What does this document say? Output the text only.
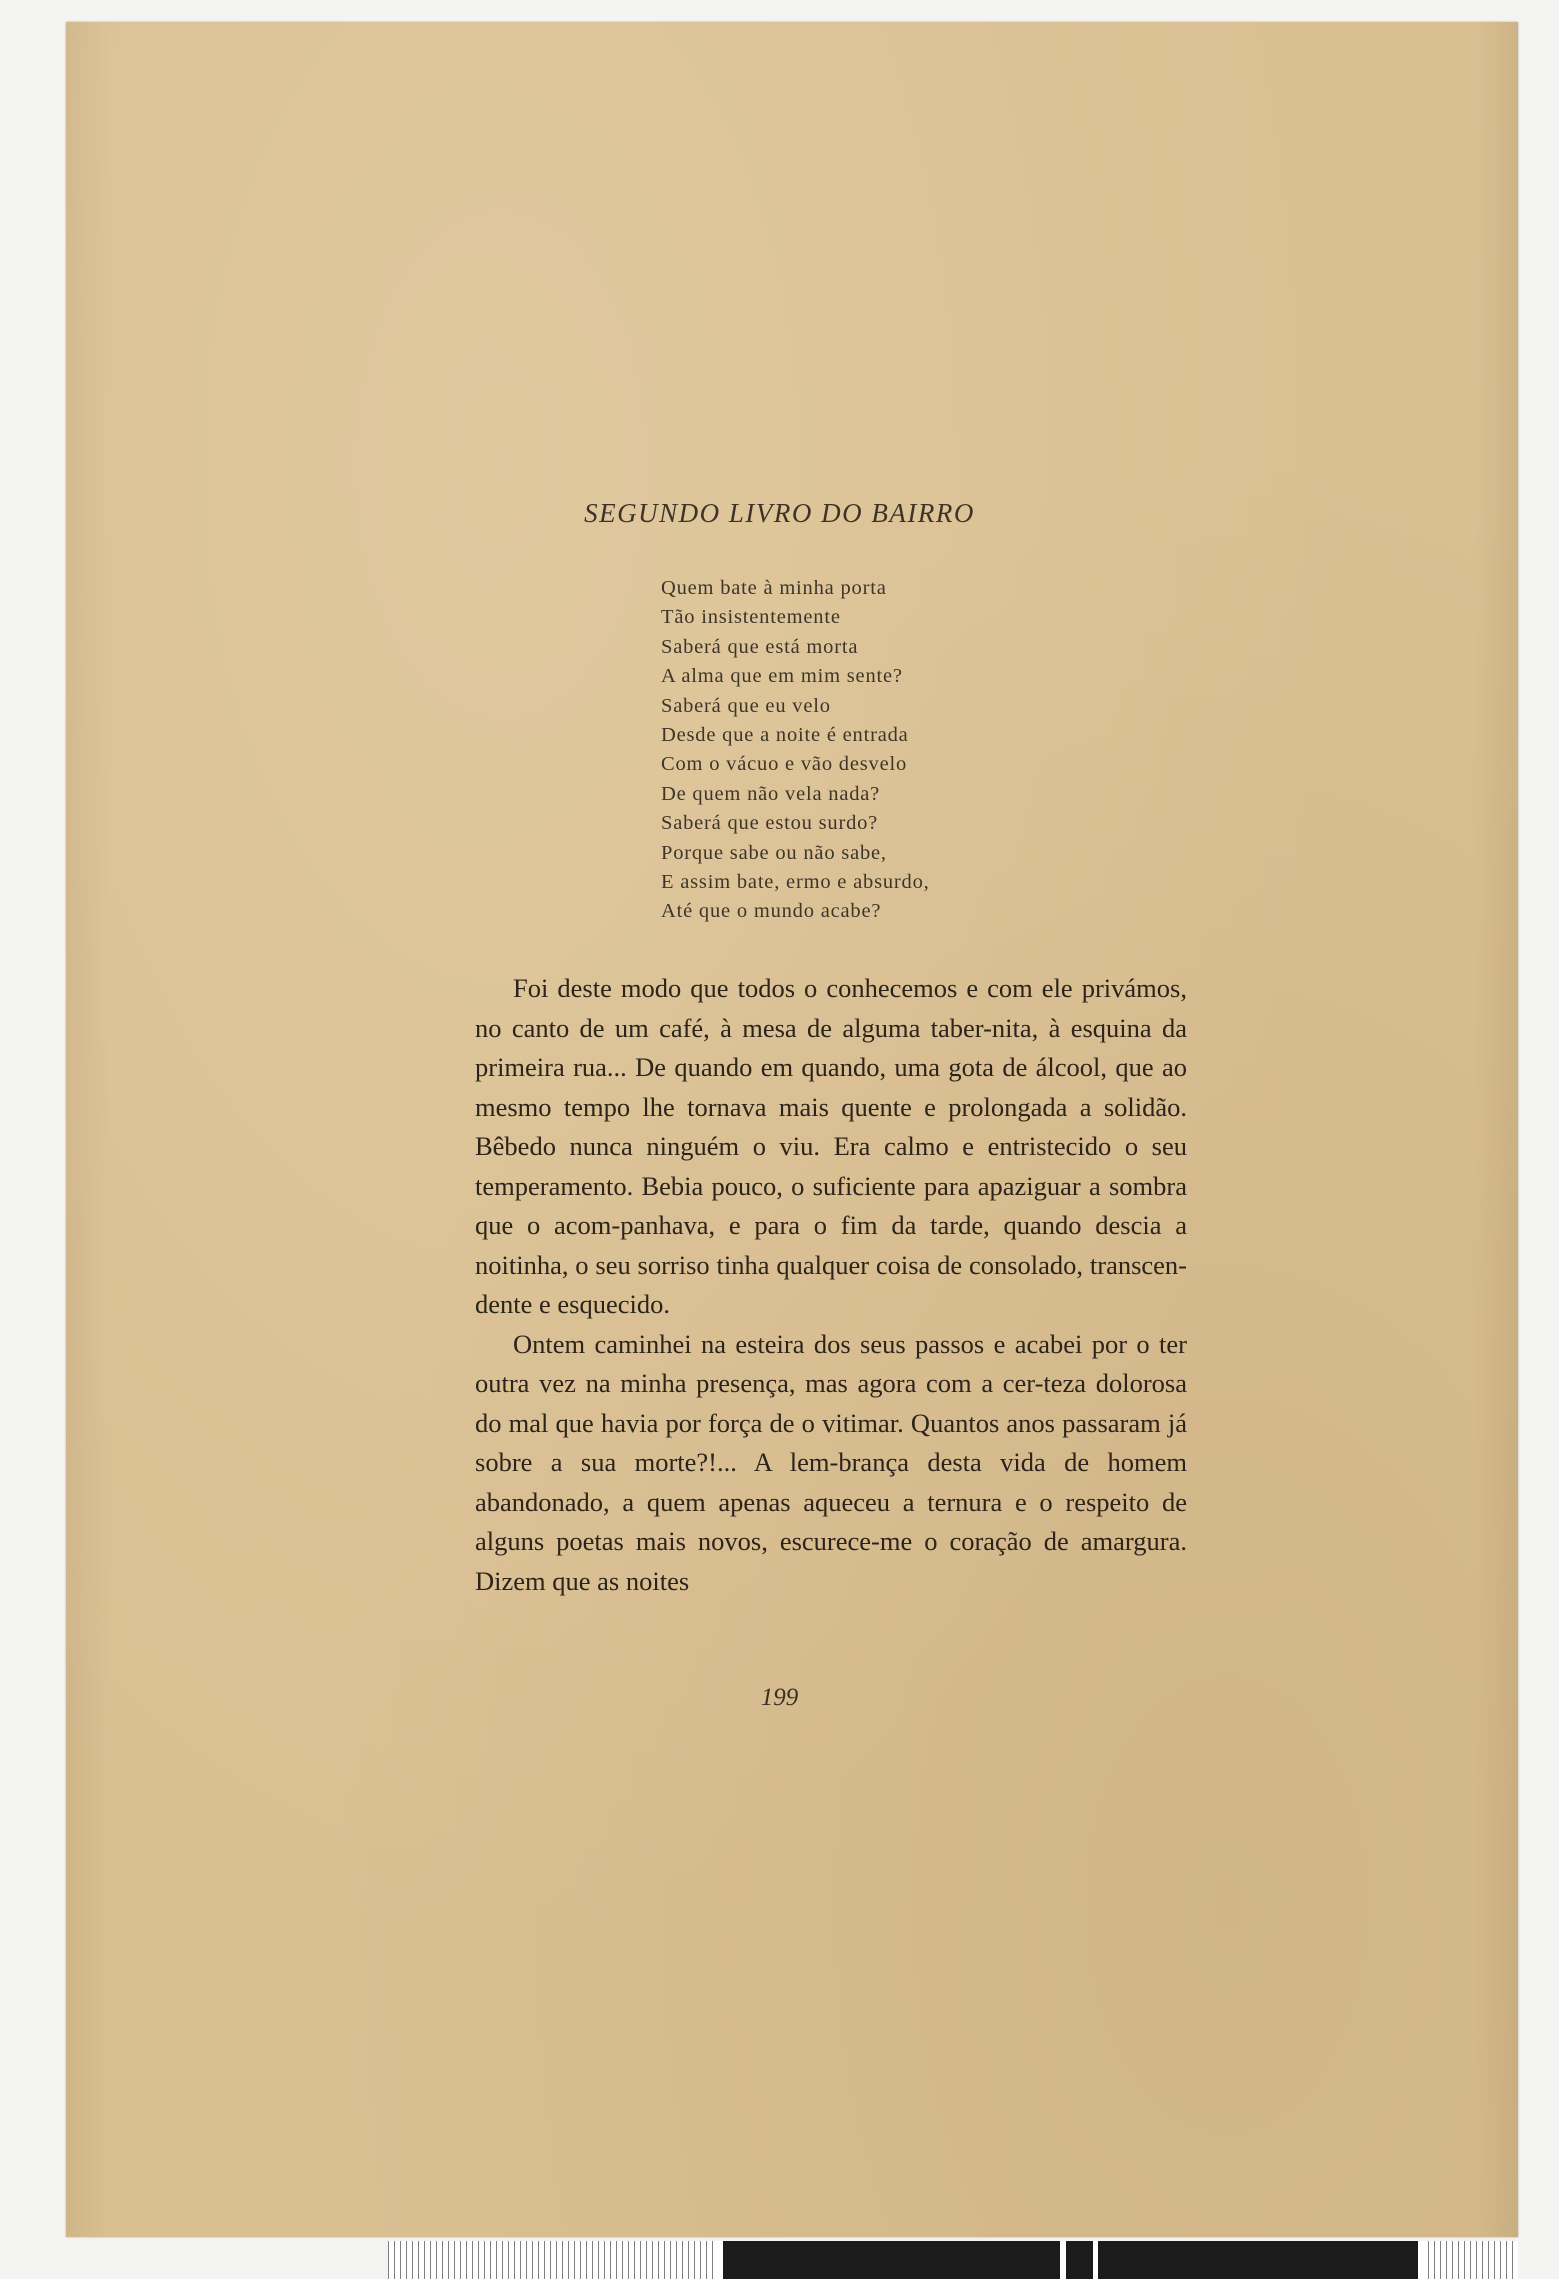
SEGUNDO LIVRO DO BAIRRO
Quem bate à minha porta
Tão insistentemente
Saberá que está morta
A alma que em mim sente?
Saberá que eu velo
Desde que a noite é entrada
Com o vácuo e vão desvelo
De quem não vela nada?
Saberá que estou surdo?
Porque sabe ou não sabe,
E assim bate, ermo e absurdo,
Até que o mundo acabe?

Foi deste modo que todos o conhecemos e com ele privámos, no canto de um café, à mesa de alguma taber-nita, à esquina da primeira rua... De quando em quando, uma gota de álcool, que ao mesmo tempo lhe tornava mais quente e prolongada a solidão. Bêbedo nunca ninguém o viu. Era calmo e entristecido o seu temperamento. Bebia pouco, o suficiente para apaziguar a sombra que o acom-panhava, e para o fim da tarde, quando descia a noitinha, o seu sorriso tinha qualquer coisa de consolado, transcen-dente e esquecido.

Ontem caminhei na esteira dos seus passos e acabei por o ter outra vez na minha presença, mas agora com a cer-teza dolorosa do mal que havia por força de o vitimar. Quantos anos passaram já sobre a sua morte?!... A lem-brança desta vida de homem abandonado, a quem apenas aqueceu a ternura e o respeito de alguns poetas mais novos, escurece-me o coração de amargura. Dizem que as noites

199
